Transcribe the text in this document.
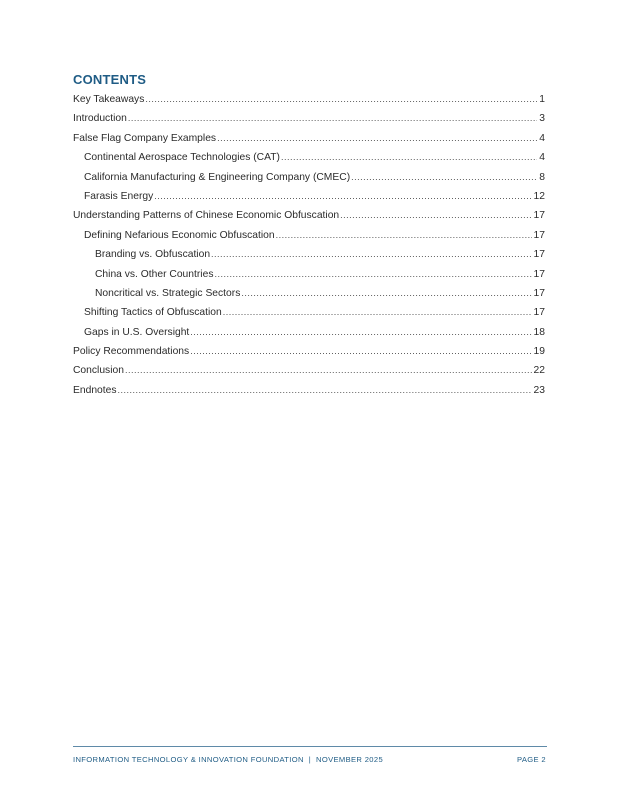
CONTENTS
Key Takeaways .....	1
Introduction .....	3
False Flag Company Examples .....	4
Continental Aerospace Technologies (CAT) .....	4
California Manufacturing & Engineering Company (CMEC) .....	8
Farasis Energy .....	12
Understanding Patterns of Chinese Economic Obfuscation .....	17
Defining Nefarious Economic Obfuscation .....	17
Branding vs. Obfuscation .....	17
China vs. Other Countries .....	17
Noncritical vs. Strategic Sectors .....	17
Shifting Tactics of Obfuscation .....	17
Gaps in U.S. Oversight .....	18
Policy Recommendations .....	19
Conclusion .....	22
Endnotes .....	23
INFORMATION TECHNOLOGY & INNOVATION FOUNDATION  |  NOVEMBER 2025	PAGE 2
